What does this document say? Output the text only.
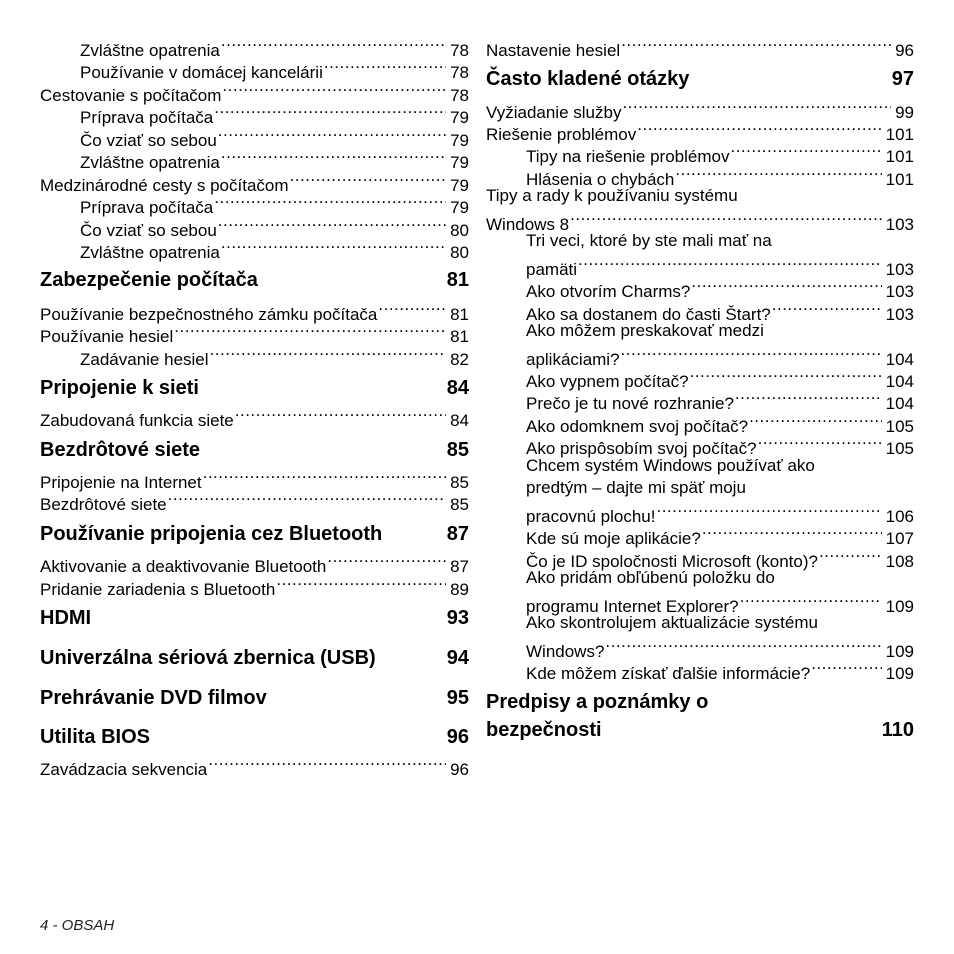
Zvláštne opatrenia .....	78
Používanie v domácej kancelárii .....	78
Cestovanie s počítačom .....	78
Príprava počítača .....	79
Čo vziať so sebou .....	79
Zvláštne opatrenia .....	79
Medzinárodné cesty s počítačom .....	79
Príprava počítača .....	79
Čo vziať so sebou .....	80
Zvláštne opatrenia .....	80
Zabezpečenie počítača	81
Používanie bezpečnostného zámku počítača .....	81
Používanie hesiel .....	81
Zadávanie hesiel .....	82
Pripojenie k sieti	84
Zabudovaná funkcia siete .....	84
Bezdrôtové siete	85
Pripojenie na Internet .....	85
Bezdrôtové siete .....	85
Používanie pripojenia cez Bluetooth	87
Aktivovanie a deaktivovanie Bluetooth .....	87
Pridanie zariadenia s Bluetooth .....	89
HDMI	93
Univerzálna sériová zbernica (USB)	94
Prehrávanie DVD filmov	95
Utilita BIOS	96
Zavádzacia sekvencia .....	96
Nastavenie hesiel .....	96
Často kladené otázky	97
Vyžiadanie služby .....	99
Riešenie problémov .....	101
Tipy na riešenie problémov .....	101
Hlásenia o chybách .....	101
Tipy a rady k používaniu systému
Windows 8 .....	103
Tri veci, ktoré by ste mali mať na
pamäti .....	103
Ako otvorím Charms? .....	103
Ako sa dostanem do časti Štart? .....	103
Ako môžem preskakovať medzi
aplikáciami? .....	104
Ako vypnem počítač? .....	104
Prečo je tu nové rozhranie? .....	104
Ako odomknem svoj počítač? .....	105
Ako prispôsobím svoj počítač? .....	105
Chcem systém Windows používať ako
predtým – dajte mi späť moju
pracovnú plochu! .....	106
Kde sú moje aplikácie? .....	107
Čo je ID spoločnosti Microsoft (konto)? .....	108
Ako pridám obľúbenú položku do
programu Internet Explorer? .....	109
Ako skontrolujem aktualizácie systému
Windows? .....	109
Kde môžem získať ďalšie informácie? .....	109
Predpisy a poznámky o
bezpečnosti	110
4 - OBSAH
